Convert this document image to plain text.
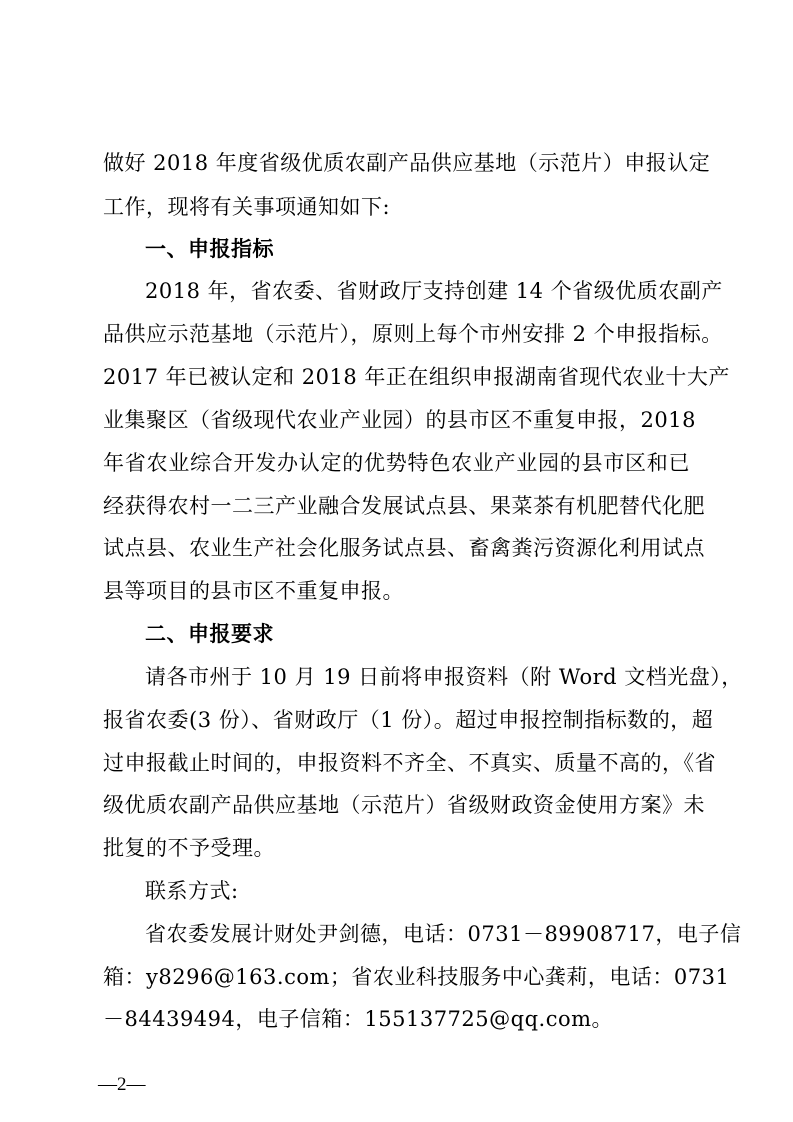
做好 2018 年度省级优质农副产品供应基地（示范片）申报认定
工作，现将有关事项通知如下:
一、申报指标
2018 年，省农委、省财政厅支持创建 14 个省级优质农副产
品供应示范基地（示范片），原则上每个市州安排 2 个申报指标。
2017 年已被认定和 2018 年正在组织申报湖南省现代农业十大产
业集聚区（省级现代农业产业园）的县市区不重复申报，2018
年省农业综合开发办认定的优势特色农业产业园的县市区和已
经获得农村一二三产业融合发展试点县、果菜茶有机肥替代化肥
试点县、农业生产社会化服务试点县、畜禽粪污资源化利用试点
县等项目的县市区不重复申报。
二、申报要求
请各市州于 10 月 19 日前将申报资料（附 Word 文档光盘），
报省农委(3 份）、省财政厅（1 份）。超过申报控制指标数的，超
过申报截止时间的，申报资料不齐全、不真实、质量不高的，《省
级优质农副产品供应基地（示范片）省级财政资金使用方案》未
批复的不予受理。
联系方式:
省农委发展计财处尹剑德，电话：0731－89908717，电子信
箱：y8296@163.com；省农业科技服务中心龚莉，电话：0731
－84439494，电子信箱：155137725@qq.com。
—2—
